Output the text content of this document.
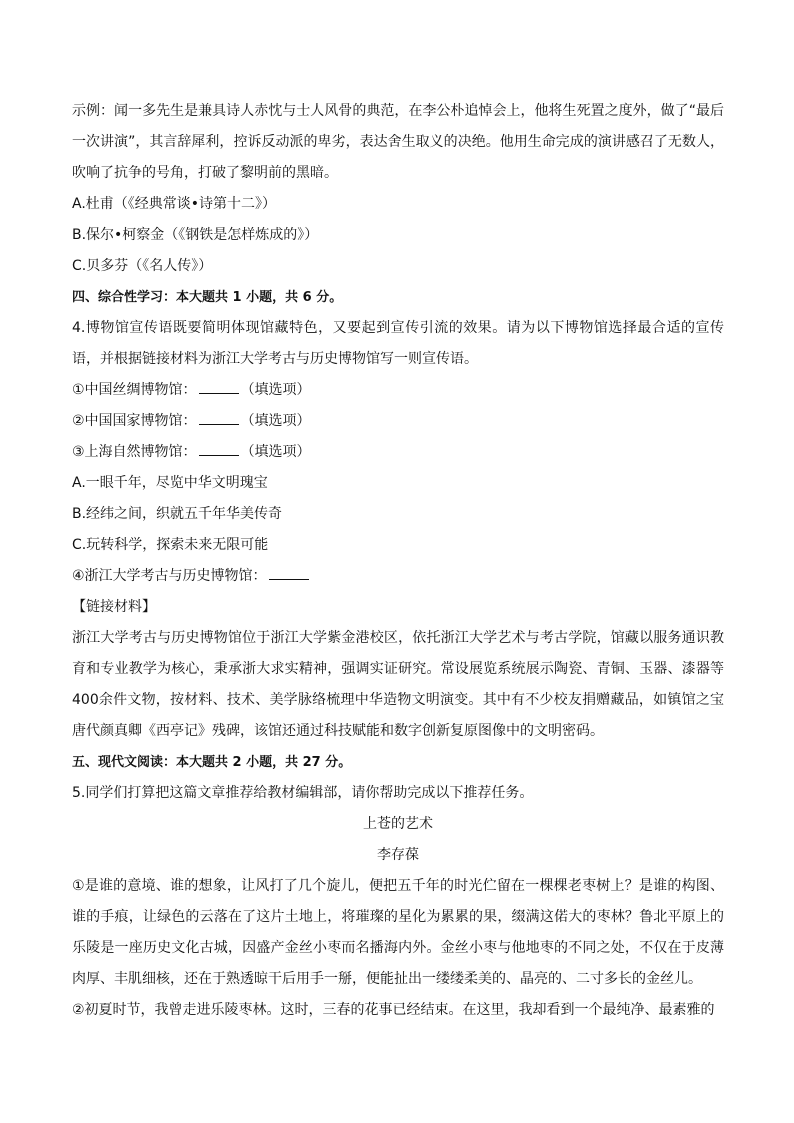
示例：闻一多先生是兼具诗人赤忱与士人风骨的典范，在李公朴追悼会上，他将生死置之度外，做了“最后一次讲演”，其言辞犀利，控诉反动派的卑劣，表达舍生取义的决绝。他用生命完成的演讲感召了无数人，吹响了抗争的号角，打破了黎明前的黑暗。
A.杜甫（《经典常谈•诗第十二》）
B.保尔•柯察金（《钢铁是怎样炼成的》）
C.贝多芬（《名人传》）
四、综合性学习：本大题共 1 小题，共 6 分。
4.博物馆宣传语既要简明体现馆藏特色，又要起到宣传引流的效果。请为以下博物馆选择最合适的宣传语，并根据链接材料为浙江大学考古与历史博物馆写一则宣传语。
①中国丝绸博物馆：	（填选项）
②中国国家博物馆：	（填选项）
③上海自然博物馆：	（填选项）
A.一眼千年，尽览中华文明瑰宝
B.经纬之间，织就五千年华美传奇
C.玩转科学，探索未来无限可能
④浙江大学考古与历史博物馆：
【链接材料】
浙江大学考古与历史博物馆位于浙江大学紫金港校区，依托浙江大学艺术与考古学院，馆藏以服务通识教育和专业教学为核心，秉承浙大求实精神，强调实证研究。常设展览系统展示陶瓷、青铜、玉器、漆器等400余件文物，按材料、技术、美学脉络梳理中华造物文明演变。其中有不少校友捐赠藏品，如镇馆之宝唐代颜真卿《西亭记》残碑，该馆还通过科技赋能和数字创新复原图像中的文明密码。
五、现代文阅读：本大题共 2 小题，共 27 分。
5.同学们打算把这篇文章推荐给教材编辑部，请你帮助完成以下推荐任务。
上苍的艺术
李存葆
①是谁的意境、谁的想象，让风打了几个旋儿，便把五千年的时光伫留在一棵棵老枣树上？是谁的构图、谁的手痕，让绿色的云落在了这片土地上，将璀璨的星化为累累的果，缀满这偌大的枣林？鲁北平原上的乐陵是一座历史文化古城，因盛产金丝小枣而名播海内外。金丝小枣与他地枣的不同之处，不仅在于皮薄肉厚、丰肌细核，还在于熟透晾干后用手一掰，便能扯出一缕缕柔美的、晶亮的、二寸多长的金丝儿。
②初夏时节，我曾走进乐陵枣林。这时，三春的花事已经结束。在这里，我却看到一个最纯净、最素雅的
